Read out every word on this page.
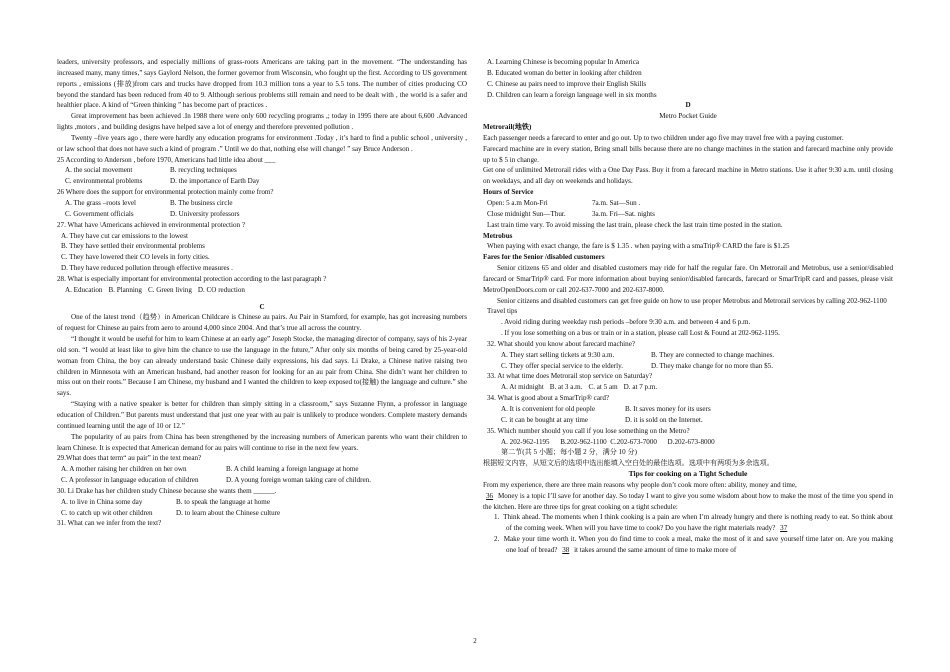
leaders, university professors, and especially millions of grass-roots Americans are taking part in the movement. “The understanding has increased many, many times,” says Gaylord Nelson, the former governor from Wisconsin, who fought up the first. According to US government reports , emissions (排放)from cars and trucks have dropped from 10.3 million tons a year to 5.5 tons. The number of cities producing CO beyond the standard has been reduced from 40 to 9. Although serious problems still remain and need to be dealt with , the world is a safer and healthier place. A kind of “Green thinking ” has become part of practices .

Great improvement has been achieved .In 1988 there were only 600 recycling programs ,; today in 1995 there are about 6,600 .Advanced lights ,motors , and building designs have helped save a lot of energy and therefore prevented pollution .

Twenty –five years ago , there were hardly any education programs for environment .Today , it’s hard to find a public school , university , or law school that does not have such a kind of program .” Until we do that, nothing else will change! ” say Bruce Anderson .

25 According to Anderson , before 1970, Americans had little idea about ___

A. the social movement	B. recycling techniques

C. environmental problems	D. the importance of Earth Day

26 Where does the support for environmental protection mainly come from?

A. The grass –roots level	B. The business circle

C. Government officials	D. University professors

27. What have \Americans achieved in environmental protection ?

A. They have cut car emissions to the lowest

B. They have settled their environmental problems

C. They have lowered their CO levels in forty cities.

D. They have reduced pollution through effective measures .

28. What is especially important for environmental protection according to the last paragraph ?

A. Education B. Planning C. Green living D. CO reduction

C

One of the latest trend（趋势）in American Childcare is Chinese au pairs. Au Pair in Stamford, for example, has got increasing numbers of request for Chinese au pairs from aero to around 4,000 since 2004. And that’s true all across the country.

“I thought it would be useful for him to learn Chinese at an early age” Joseph Stocke, the managing director of company, says of his 2-year old son. “I would at least like to give him the chance to use the language in the future,” After only six months of being cared by 25-year-old woman from China, the boy can already understand basic Chinese daily expressions, his dad says. Li Drake, a Chinese native raising two children in Minnesota with an American husband, had another reason for looking for an au pair from China. She didn’t want her children to miss out on their roots.” Because I am Chinese, my husband and I wanted the children to keep exposed to(接触) the language and culture.” she says.

“Staying with a native speaker is better for children than simply sitting in a classroom,” says Suzanne Flynn, a professor in language education of Children.” But parents must understand that just one year with au pair is unlikely to produce wonders. Complete mastery demands continued learning until the age of 10 or 12.”

The popularity of au pairs from China has been strengthened by the increasing numbers of American parents who want their children to learn Chinese. It is expected that American demand for au pairs will continue to rise in the next few years.

29.What does that term“ au pair” in the text mean?

A. A mother raising her children on her own	B. A child learning a foreign language at home

C. A professor in language education of children	D. A young foreign woman taking care of children.

30. Li Drake has her children study Chinese because she wants them ______.

A. to live in China some day	B. to speak the language at home

C. to catch up wit other children	D. to learn about the Chinese culture

31. What can we infer from the text?

A. Learning Chinese is becoming popular In America

B. Educated woman do better in looking after children

C. Chinese au pairs need to improve their English Skills

D. Children can learn a foreign language well in six months

D

Metro Pocket Guide

Metrorail(地铁)

Each passenger needs a farecard to enter and go out. Up to two children under ago five may travel free with a paying customer.

Farecard machine are in every station, Bring small bills because there are no change machines in the station and farecard machine only provide up to $ 5 in change.

Get one of unlimited Metrorail rides with a One Day Pass. Buy it from a farecard machine in Metro stations. Use it after 9:30 a.m. until closing on weekdays, and all day on weekends and holidays.

Hours of Service

Open: 5 a.m Mon-Fri	7a.m. Sat—Sun .

Close midnight Sun—Thur.	3a.m. Fri—Sat. nights

Last train time vary. To avoid missing the last train, please check the last train time posted in the station.

Metrobus

When paying with exact change, the fare is $ 1.35 . when paying with a smaTrip® CARD the fare is $1.25

Fares for the Senior /disabled customers

Senior citizens 65 and older and disabled customers may ride for half the regular fare. On Metrorail and Metrobus, use a senior/disabled farecard or SmarTrip® card. For more information about buying senior/disabled farecards, farecard or SmarTripR card and passes, please visit MetroOpenDoors.com or call 202-637-7000 and 202-637-8000.

Senior citizens and disabled customers can get free guide on how to use proper Metrobus and Metrorail services by calling 202-962-1100

Travel tips

. Avoid riding during weekday rush periods –before 9:30 a.m. and between 4 and 6 p.m.

. If you lose something on a bus or train or in a station, please call Lost & Found at 202-962-1195.

32. What should you know about farecard machine?

A. They start selling tickets at 9:30 a.m.	B. They are connected to change machines.

C. They offer special service to the elderly.	D. They make change for no more than $5.

33. At what time does Metrorail stop service on Saturday?

A. At midnight B. at 3 a.m. C. at 5 am D. at 7 p.m.

34. What is good about a SmarTrip® card?

A. It is convenient for old people	B. It saves money for its users

C. it can be bought at any time	D. it is sold on the Internet.

35. Which number should you call if you lose something on the Metro?

A. 202-962-1195      B.202-962-1100  C.202-673-7000      D.202-673-8000

第二节(共 5 小题；每小题 2 分，满分 10 分)

根据短文内容，从短文后的选项中选出能填入空白处的最佳选项。选项中有两项为多余选项。

Tips for cooking on a Tight Schedule

From my experience, there are three main reasons why people don’t cook more often: ability, money and time,

36 Money is a topic I’ll save for another day. So today I want to give you some wisdom about how to make the most of the time you spend in the kitchen. Here are three tips for great cooking on a tight schedule:

1. Think ahead. The moments when I think cooking is a pain are when I’m already hungry and there is nothing ready to eat. So think about of the coming week. When will you have time to cook? Do you have the right materials ready? 37

2. Make your time worth it. When you do find time to cook a meal, make the most of it and save yourself time later on. Are you making one loaf of bread? 38 it takes around the same amount of time to make more of

2
